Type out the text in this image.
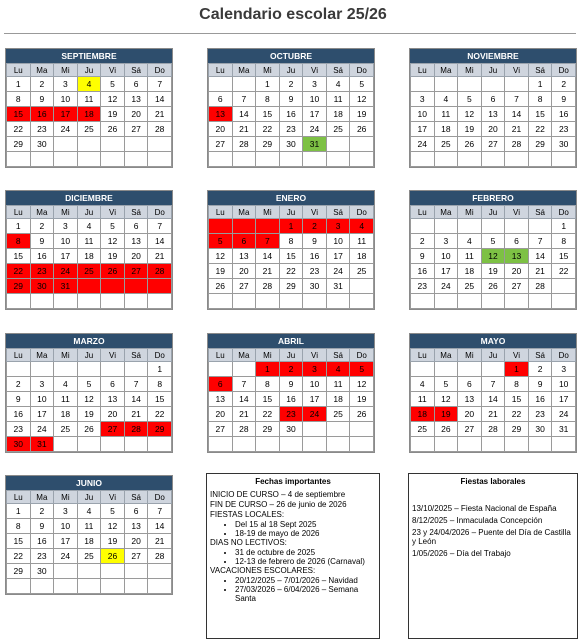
Calendario escolar 25/26
SEPTIEMBRE
Lu	Ma	Mi	Ju	Vi	Sá	Do
1	2	3	4	5	6	7
8	9	10	11	12	13	14
15	16	17	18	19	20	21
22	23	24	25	26	27	28
29	30					

OCTUBRE
Lu	Ma	Mi	Ju	Vi	Sá	Do
		1	2	3	4	5
6	7	8	9	10	11	12
13	14	15	16	17	18	19
20	21	22	23	24	25	26
27	28	29	30	31		

NOVIEMBRE
Lu	Ma	Mi	Ju	Vi	Sá	Do
					1	2
3	4	5	6	7	8	9
10	11	12	13	14	15	16
17	18	19	20	21	22	23
24	25	26	27	28	29	30

DICIEMBRE
Lu	Ma	Mi	Ju	Vi	Sá	Do
1	2	3	4	5	6	7
8	9	10	11	12	13	14
15	16	17	18	19	20	21
22	23	24	25	26	27	28
29	30	31				

ENERO
Lu	Ma	Mi	Ju	Vi	Sá	Do
			1	2	3	4
5	6	7	8	9	10	11
12	13	14	15	16	17	18
19	20	21	22	23	24	25
26	27	28	29	30	31	

FEBRERO
Lu	Ma	Mi	Ju	Vi	Sá	Do
						1
2	3	4	5	6	7	8
9	10	11	12	13	14	15
16	17	18	19	20	21	22
23	24	25	26	27	28	

MARZO
Lu	Ma	Mi	Ju	Vi	Sá	Do
						1
2	3	4	5	6	7	8
9	10	11	12	13	14	15
16	17	18	19	20	21	22
23	24	25	26	27	28	29
30	31					
ABRIL
Lu	Ma	Mi	Ju	Vi	Sá	Do
		1	2	3	4	5
6	7	8	9	10	11	12
13	14	15	16	17	18	19
20	21	22	23	24	25	26
27	28	29	30			

MAYO
Lu	Ma	Mi	Ju	Vi	Sá	Do
				1	2	3
4	5	6	7	8	9	10
11	12	13	14	15	16	17
18	19	20	21	22	23	24
25	26	27	28	29	30	31

JUNIO
Lu	Ma	Mi	Ju	Vi	Sá	Do
1	2	3	4	5	6	7
8	9	10	11	12	13	14
15	16	17	18	19	20	21
22	23	24	25	26	27	28
29	30					

Fechas importantes
INICIO DE CURSO – 4 de septiembre
FIN DE CURSO – 26 de junio de 2026
FIESTAS LOCALES:
• Del 15 al 18 Sept 2025
• 18-19 de mayo de 2026
DIAS NO LECTIVOS:
• 31 de octubre de 2025
• 12-13 de febrero de 2026 (Carnaval)
VACACIONES ESCOLARES:
• 20/12/2025 – 7/01/2026 – Navidad
• 27/03/2026 – 6/04/2026 – Semana Santa
Fiestas laborales
13/10/2025 – Fiesta Nacional de España
8/12/2025 – Inmaculada Concepción
23 y 24/04/2026 – Puente del Día de Castilla y León
1/05/2026 – Día del Trabajo
